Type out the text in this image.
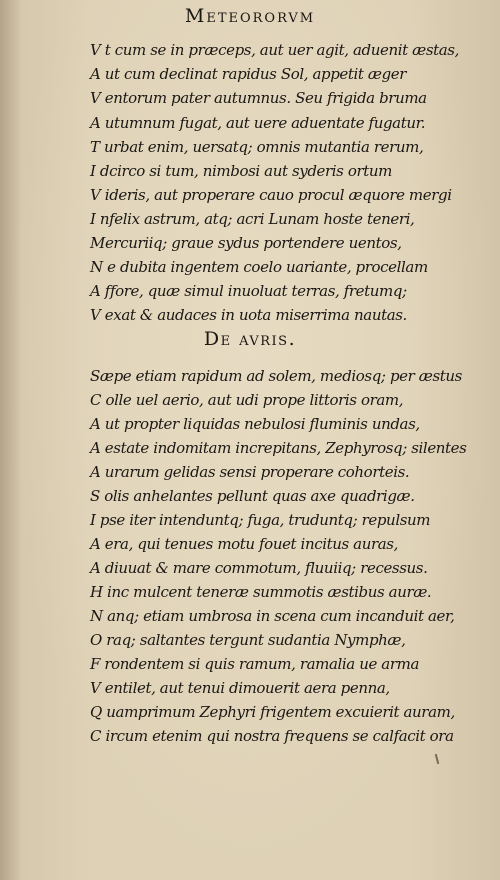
Meteororvm
V t cum se in præceps, aut uer agit, aduenit æstas,
A ut cum declinat rapidus Sol, appetit æger
V entorum pater autumnus. Seu frigida bruma
A utumnum fugat, aut uere aduentate fugatur.
T urbat enim, uersatq; omnis mutantia rerum,
I dcirco si tum, nimbosi aut syderis ortum
V ideris, aut properare cauo procul æquore mergi
I nfelix astrum, atq; acri Lunam hoste teneri,
Mercuriiq; graue sydus portendere uentos,
N e dubita ingentem coelo uariante, procellam
A ffore, quæ simul inuoluat terras, fretumq;
V exat & audaces in uota miserrima nautas.
De avris.
Sæpe etiam rapidum ad solem, mediosq; per æstus
C olle uel aerio, aut udi prope littoris oram,
A ut propter liquidas nebulosi fluminis undas,
A estate indomitam increpitans, Zephyrosq; silentes
A urarum gelidas sensi properare cohorteis.
S olis anhelantes pellunt quas axe quadrigæ.
I pse iter intenduntq; fuga, truduntq; repulsum
A era, qui tenues motu fouet incitus auras,
A diuuat & mare commotum, fluuiiq; recessus.
H inc mulcent teneræ summotis æstibus auræ.
N anq; etiam umbrosa in scena cum incanduit aer,
O raq; saltantes tergunt sudantia Nymphæ,
F rondentem si quis ramum, ramalia ue arma
V entilet, aut tenui dimouerit aera penna,
Q uamprimum Zephyri frigentem excuierit auram,
C ircum etenim qui nostra frequens se calfacit ora
